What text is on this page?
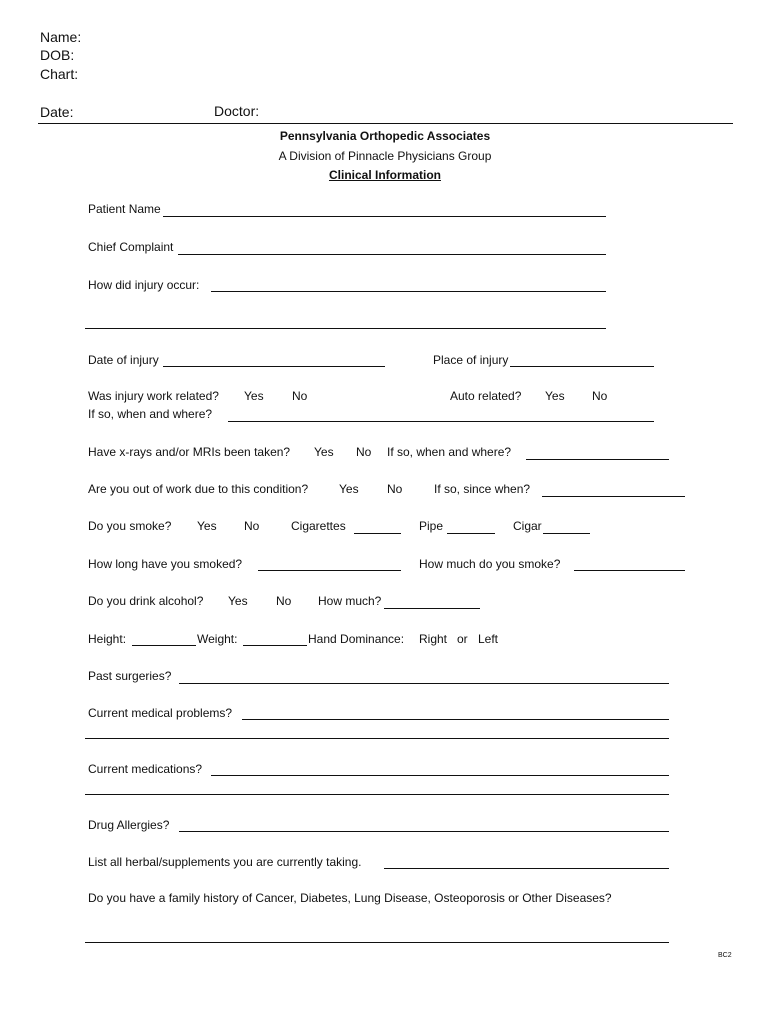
Name:
DOB:
Chart:
Date:	Doctor:
Pennsylvania Orthopedic Associates
A Division of Pinnacle Physicians Group
Clinical Information
Patient Name
Chief Complaint
How did injury occur:
Date of injury	Place of injury
Was injury work related? Yes No	Auto related? Yes No
If so, when and where?
Have x-rays and/or MRIs been taken? Yes No If so, when and where?
Are you out of work due to this condition?	Yes No	If so, since when?
Do you smoke? Yes No	Cigarettes	Pipe	Cigar
How long have you smoked?	How much do you smoke?
Do you drink alcohol? Yes No How much?
Height:	Weight:	Hand Dominance: Right or Left
Past surgeries?
Current medical problems?
Current medications?
Drug Allergies?
List all herbal/supplements you are currently taking.
Do you have a family history of Cancer, Diabetes, Lung Disease, Osteoporosis or Other Diseases?
BC2
